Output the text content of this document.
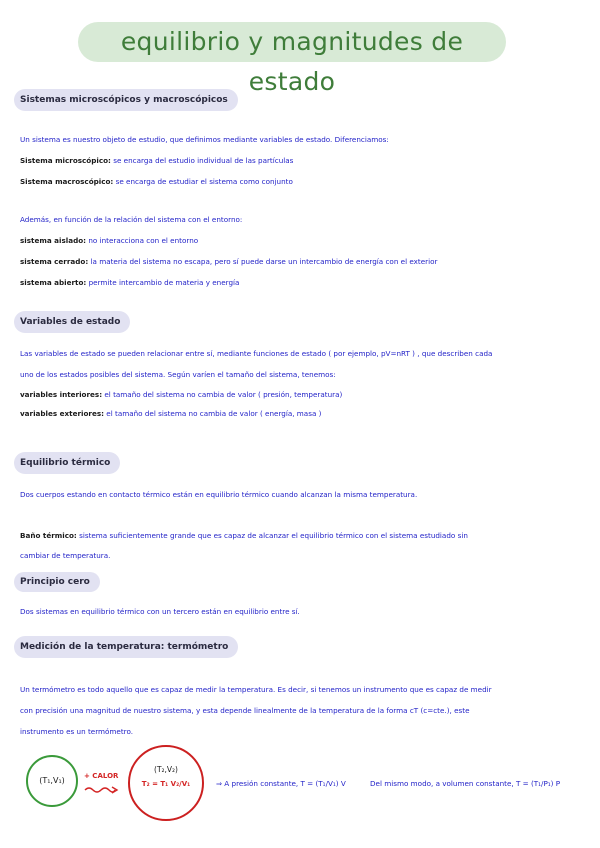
equilibrio y magnitudes de estado
Sistemas microscópicos y macroscópicos
Un sistema es nuestro objeto de estudio, que definimos mediante variables de estado. Diferenciamos:
Sistema microscópico: se encarga del estudio individual de las partículas
Sistema macroscópico: se encarga de estudiar el sistema como conjunto
Además, en función de la relación del sistema con el entorno:
sistema aislado: no interacciona con el entorno
sistema cerrado: la materia del sistema no escapa, pero sí puede darse un intercambio de energía con el exterior
sistema abierto: permite intercambio de materia y energía
Variables de estado
Las variables de estado se pueden relacionar entre sí, mediante funciones de estado ( por ejemplo, pV=nRT ) , que describen cada
uno de los estados posibles del sistema. Según varíen el tamaño del sistema, tenemos:
variables interiores: el tamaño del sistema no cambia de valor ( presión, temperatura)
variables exteriores: el tamaño del sistema no cambia de valor ( energía, masa )
Equilibrio térmico
Dos cuerpos estando en contacto térmico están en equilibrio térmico cuando alcanzan la misma temperatura.
Baño térmico: sistema suficientemente grande que es capaz de alcanzar el equilibrio térmico con el sistema estudiado sin
cambiar de temperatura.
Principio cero
Dos sistemas en equilibrio térmico con un tercero están en equilibrio entre sí.
Medición de la temperatura: termómetro
Un termómetro es todo aquello que es capaz de medir la temperatura. Es decir, si tenemos un instrumento que es capaz de medir
con precisión una magnitud de nuestro sistema, y esta depende linealmente de la temperatura de la forma cT (c=cte.), este
instrumento es un termómetro.
(T₁,V₁)	+ CALOR
(T₂,V₂)
T₂ = T₁ V₂/V₁	⇒ A presión constante, T = (T₁/V₁) V	Del mismo modo, a volumen constante, T = (T₁/P₁) P
